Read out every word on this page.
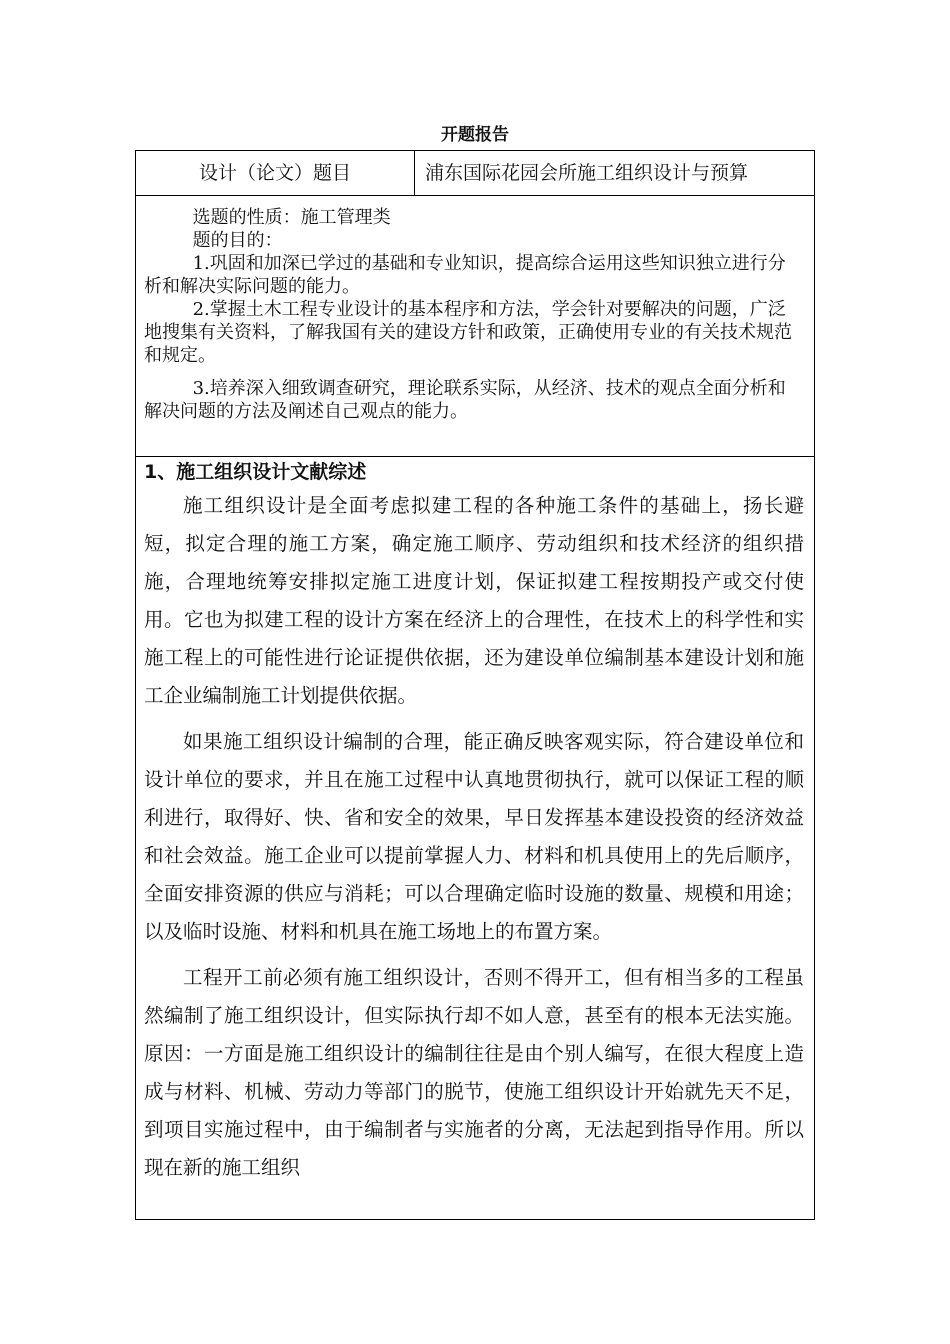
开题报告
设计（论文）题目	浦东国际花园会所施工组织设计与预算

选题的性质：施工管理类

题的目的：

1.巩固和加深已学过的基础和专业知识，提高综合运用这些知识独立进行分析和解决实际问题的能力。

2.掌握土木工程专业设计的基本程序和方法，学会针对要解决的问题，广泛地搜集有关资料，了解我国有关的建设方针和政策，正确使用专业的有关技术规范和规定。

3.培养深入细致调查研究，理论联系实际，从经济、技术的观点全面分析和解决问题的方法及阐述自己观点的能力。

1、施工组织设计文献综述

施工组织设计是全面考虑拟建工程的各种施工条件的基础上，扬长避短，拟定合理的施工方案，确定施工顺序、劳动组织和技术经济的组织措施，合理地统筹安排拟定施工进度计划，保证拟建工程按期投产或交付使用。它也为拟建工程的设计方案在经济上的合理性，在技术上的科学性和实施工程上的可能性进行论证提供依据，还为建设单位编制基本建设计划和施工企业编制施工计划提供依据。

如果施工组织设计编制的合理，能正确反映客观实际，符合建设单位和设计单位的要求，并且在施工过程中认真地贯彻执行，就可以保证工程的顺利进行，取得好、快、省和安全的效果，早日发挥基本建设投资的经济效益和社会效益。施工企业可以提前掌握人力、材料和机具使用上的先后顺序，全面安排资源的供应与消耗；可以合理确定临时设施的数量、规模和用途；以及临时设施、材料和机具在施工场地上的布置方案。

工程开工前必须有施工组织设计，否则不得开工，但有相当多的工程虽然编制了施工组织设计，但实际执行却不如人意，甚至有的根本无法实施。原因：一方面是施工组织设计的编制往往是由个别人编写，在很大程度上造成与材料、机械、劳动力等部门的脱节，使施工组织设计开始就先天不足，到项目实施过程中，由于编制者与实施者的分离，无法起到指导作用。所以现在新的施工组织
